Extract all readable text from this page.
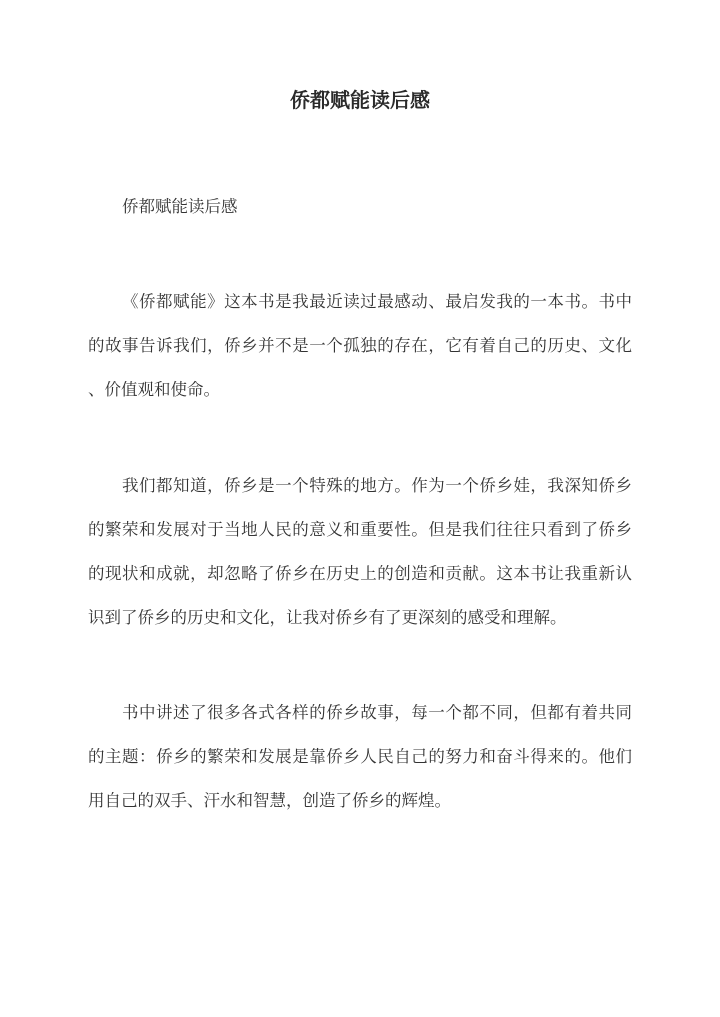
侨都赋能读后感
侨都赋能读后感
《侨都赋能》这本书是我最近读过最感动、最启发我的一本书。书中
的故事告诉我们，侨乡并不是一个孤独的存在，它有着自己的历史、文化
、价值观和使命。
我们都知道，侨乡是一个特殊的地方。作为一个侨乡娃，我深知侨乡
的繁荣和发展对于当地人民的意义和重要性。但是我们往往只看到了侨乡
的现状和成就，却忽略了侨乡在历史上的创造和贡献。这本书让我重新认
识到了侨乡的历史和文化，让我对侨乡有了更深刻的感受和理解。
书中讲述了很多各式各样的侨乡故事，每一个都不同，但都有着共同
的主题：侨乡的繁荣和发展是靠侨乡人民自己的努力和奋斗得来的。他们
用自己的双手、汗水和智慧，创造了侨乡的辉煌。
